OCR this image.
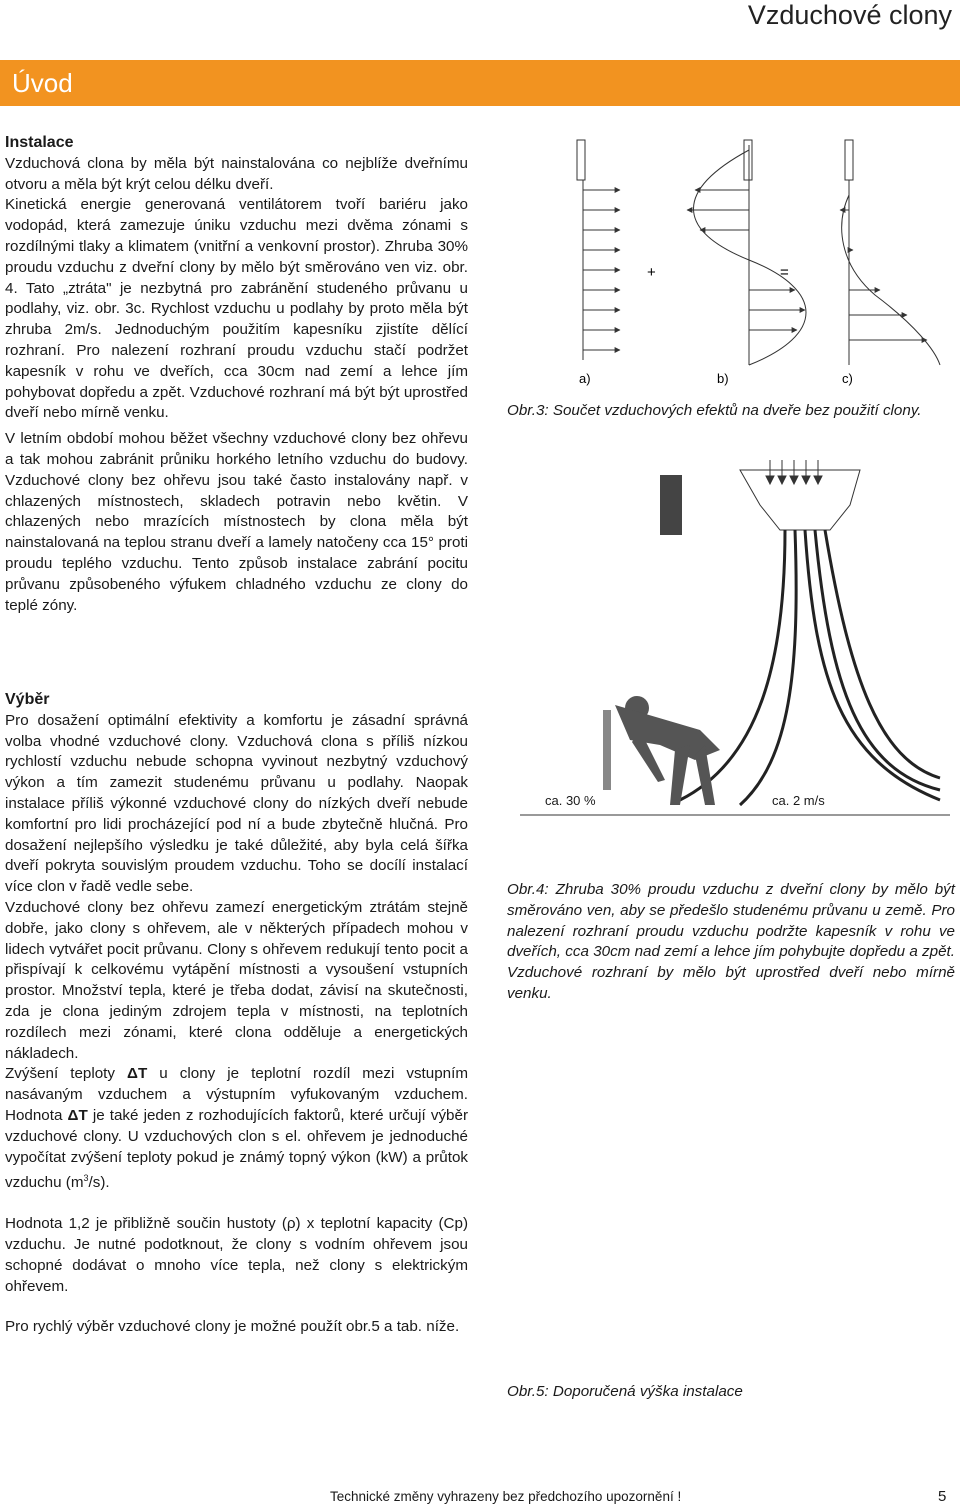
Vzduchové clony
Úvod

Instalace

Vzduchová clona by měla být nainstalována co nejblíže dveřnímu otvoru a měla být krýt celou délku dveří.

Kinetická energie generovaná ventilátorem tvoří bariéru jako vodopád, která zamezuje úniku vzduchu mezi dvěma zónami s rozdílnými tlaky a klimatem (vnitřní a venkovní prostor). Zhruba 30% proudu vzduchu z dveřní clony by mělo být směrováno ven viz. obr. 4. Tato „ztráta" je nezbytná pro zabránění studeného průvanu u podlahy, viz. obr. 3c. Rychlost vzduchu u podlahy by proto měla být zhruba 2m/s. Jednoduchým použitím kapesníku zjistíte dělící rozhraní. Pro nalezení rozhraní proudu vzduchu stačí podržet kapesník v rohu ve dveřích, cca 30cm nad zemí a lehce jím pohybovat dopředu a zpět. Vzduchové rozhraní má být být uprostřed dveří nebo mírně venku.

V letním období mohou běžet všechny vzduchové clony bez ohřevu a tak mohou zabránit průniku horkého letního vzduchu do budovy. Vzduchové clony bez ohřevu jsou také často instalovány např. v chlazených místnostech, skladech potravin nebo květin. V chlazených nebo mrazících místnostech by clona měla být nainstalovaná na teplou stranu dveří a lamely natočeny cca 15° proti proudu teplého vzduchu. Tento způsob instalace zabrání pocitu průvanu způsobeného výfukem chladného vzduchu ze clony do teplé zóny.

Výběr

Pro dosažení optimální efektivity a komfortu je zásadní správná volba vhodné vzduchové clony. Vzduchová clona s příliš nízkou rychlostí vzduchu nebude schopna vyvinout nezbytný vzduchový výkon a tím zamezit studenému průvanu u podlahy. Naopak instalace příliš výkonné vzduchové clony do nízkých dveří nebude komfortní pro lidi procházející pod ní a bude zbytečně hlučná. Pro dosažení nejlepšího výsledku je také důležité, aby byla celá šířka dveří pokryta souvislým proudem vzduchu. Toho se docílí instalací více clon v řadě vedle sebe.

Vzduchové clony bez ohřevu zamezí energetickým ztrátám stejně dobře, jako clony s ohřevem, ale v některých případech mohou v lidech vytvářet pocit průvanu. Clony s ohřevem redukují tento pocit a přispívají k celkovému vytápění místnosti a vysoušení vstupních prostor. Množství tepla, které je třeba dodat, závisí na skutečnosti, zda je clona jediným zdrojem tepla v místnosti, na teplotních rozdílech mezi zónami, které clona odděluje a energetických nákladech.

Zvýšení teploty ΔT u clony je teplotní rozdíl mezi vstupním nasávaným vzduchem a výstupním vyfukovaným vzduchem. Hodnota ΔT je také jeden z rozhodujících faktorů, které určují výběr vzduchové clony. U vzduchových clon s el. ohřevem je jednoduché vypočítat zvýšení teploty pokud je známý topný výkon (kW) a průtok vzduchu $(m^3/s)$.

Hodnota 1,2 je přibližně součin hustoty (ρ) x teplotní kapacity (Cp) vzduchu. Je nutné podotknout, že clony s vodním ohřevem jsou schopné dodávat o mnoho více tepla, než clony s elektrickým ohřevem.

Pro rychlý výběr vzduchové clony je možné použít obr.5 a tab. níže.

+	=
a)	b)	c)
Obr.3: Součet vzduchových efektů na dveře bez použití clony.
ca. 30 %	ca. 2 m/s
Obr.4: Zhruba 30% proudu vzduchu z dveřní clony by mělo být směrováno ven, aby se předešlo studenému průvanu u země. Pro nalezení rozhraní proudu vzduchu podržte kapesník v rohu ve dveřích, cca 30cm nad zemí a lehce jím pohybujte dopředu a zpět. Vzduchové rozhraní by mělo být uprostřed dveří nebo mírně venku.
Obr.5: Doporučená výška instalace
Technické změny vyhrazeny bez předchozího upozornění !	5
